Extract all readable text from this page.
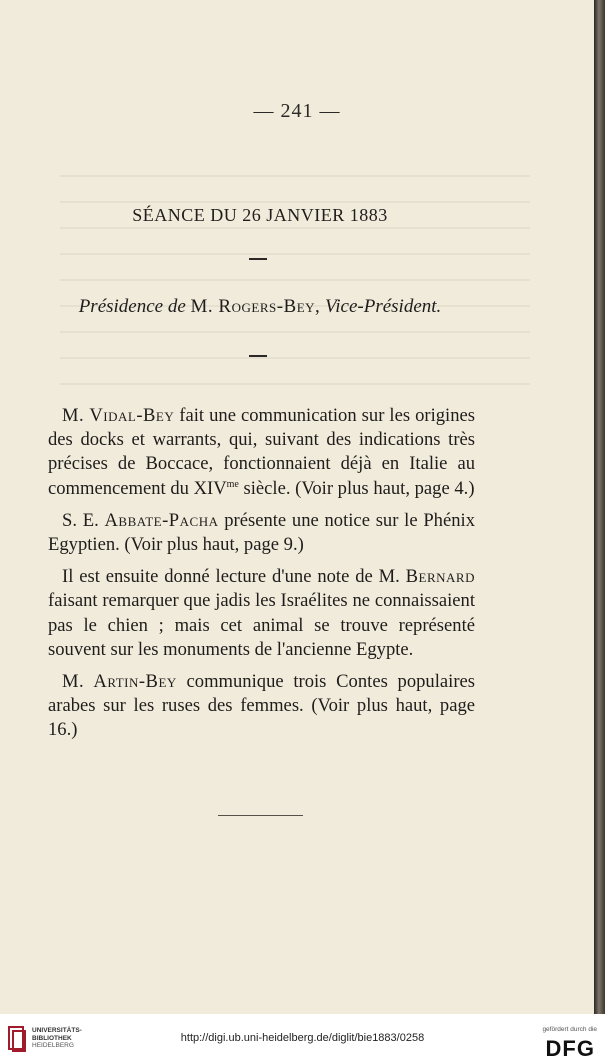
— 241 —
SÉANCE DU 26 JANVIER 1883
Présidence de M. Rogers-Bey, Vice-Président.

M. Vidal-Bey fait une communication sur les origines des docks et warrants, qui, suivant des indications très précises de Boccace, fonctionnaient déjà en Italie au commencement du $XIV^{me}$ siècle. (Voir plus haut, page 4.)

S. E. Abbate-Pacha présente une notice sur le Phénix Egyptien. (Voir plus haut, page 9.)

Il est ensuite donné lecture d'une note de M. Bernard faisant remarquer que jadis les Israélites ne connaissaient pas le chien ; mais cet animal se trouve représenté souvent sur les monuments de l'ancienne Egypte.

M. Artin-Bey communique trois Contes populaires arabes sur les ruses des femmes. (Voir plus haut, page 16.)

UNIVERSITÄTS-
BIBLIOTHEK
HEIDELBERG
http://digi.ub.uni-heidelberg.de/diglit/bie1883/0258
gefördert durch die
DFG
